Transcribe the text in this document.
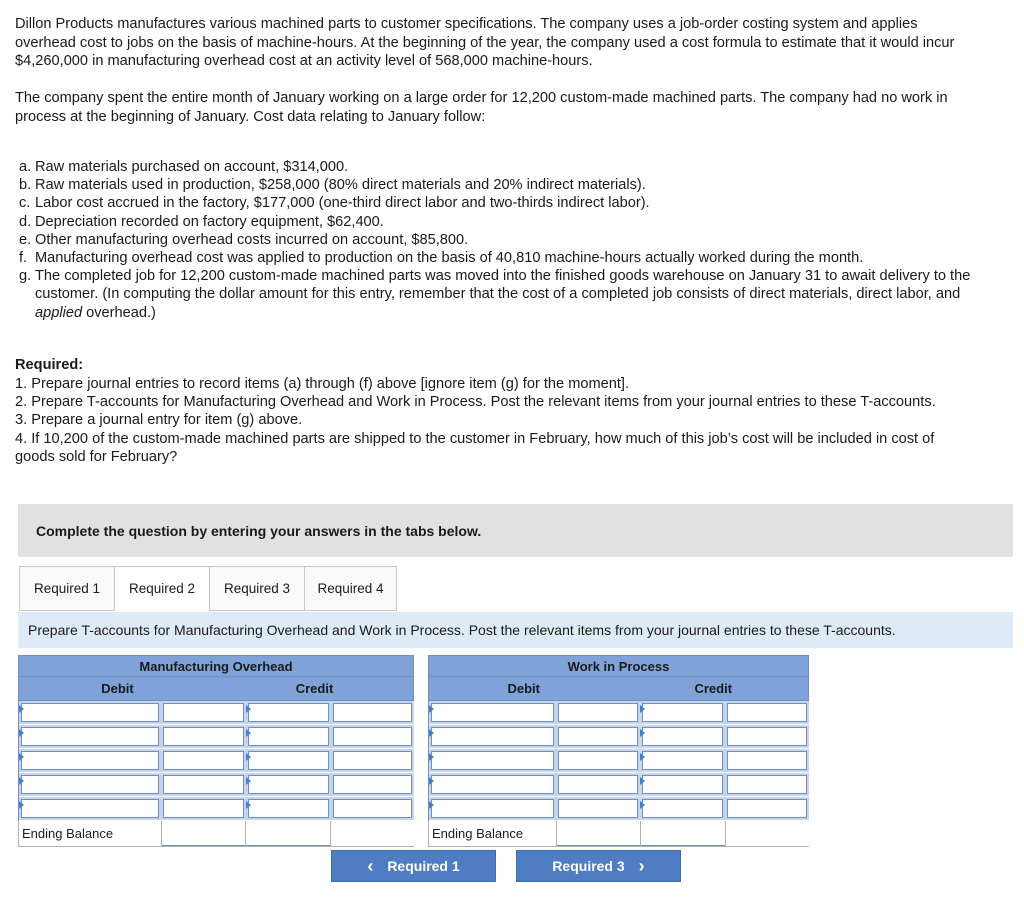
Dillon Products manufactures various machined parts to customer specifications. The company uses a job-order costing system and applies overhead cost to jobs on the basis of machine-hours. At the beginning of the year, the company used a cost formula to estimate that it would incur $4,260,000 in manufacturing overhead cost at an activity level of 568,000 machine-hours.
The company spent the entire month of January working on a large order for 12,200 custom-made machined parts. The company had no work in process at the beginning of January. Cost data relating to January follow:
a. Raw materials purchased on account, $314,000.
b. Raw materials used in production, $258,000 (80% direct materials and 20% indirect materials).
c. Labor cost accrued in the factory, $177,000 (one-third direct labor and two-thirds indirect labor).
d. Depreciation recorded on factory equipment, $62,400.
e. Other manufacturing overhead costs incurred on account, $85,800.
f. Manufacturing overhead cost was applied to production on the basis of 40,810 machine-hours actually worked during the month.
g. The completed job for 12,200 custom-made machined parts was moved into the finished goods warehouse on January 31 to await delivery to the customer. (In computing the dollar amount for this entry, remember that the cost of a completed job consists of direct materials, direct labor, and applied overhead.)
Required:
1. Prepare journal entries to record items (a) through (f) above [ignore item (g) for the moment].
2. Prepare T-accounts for Manufacturing Overhead and Work in Process. Post the relevant items from your journal entries to these T-accounts.
3. Prepare a journal entry for item (g) above.
4. If 10,200 of the custom-made machined parts are shipped to the customer in February, how much of this job’s cost will be included in cost of goods sold for February?
Complete the question by entering your answers in the tabs below.
Required 1	Required 2	Required 3	Required 4
Prepare T-accounts for Manufacturing Overhead and Work in Process. Post the relevant items from your journal entries to these T-accounts.
Manufacturing Overhead
Debit	Credit
Ending Balance
Work in Process
Debit	Credit
Ending Balance
‹ Required 1	Required 3 ›
